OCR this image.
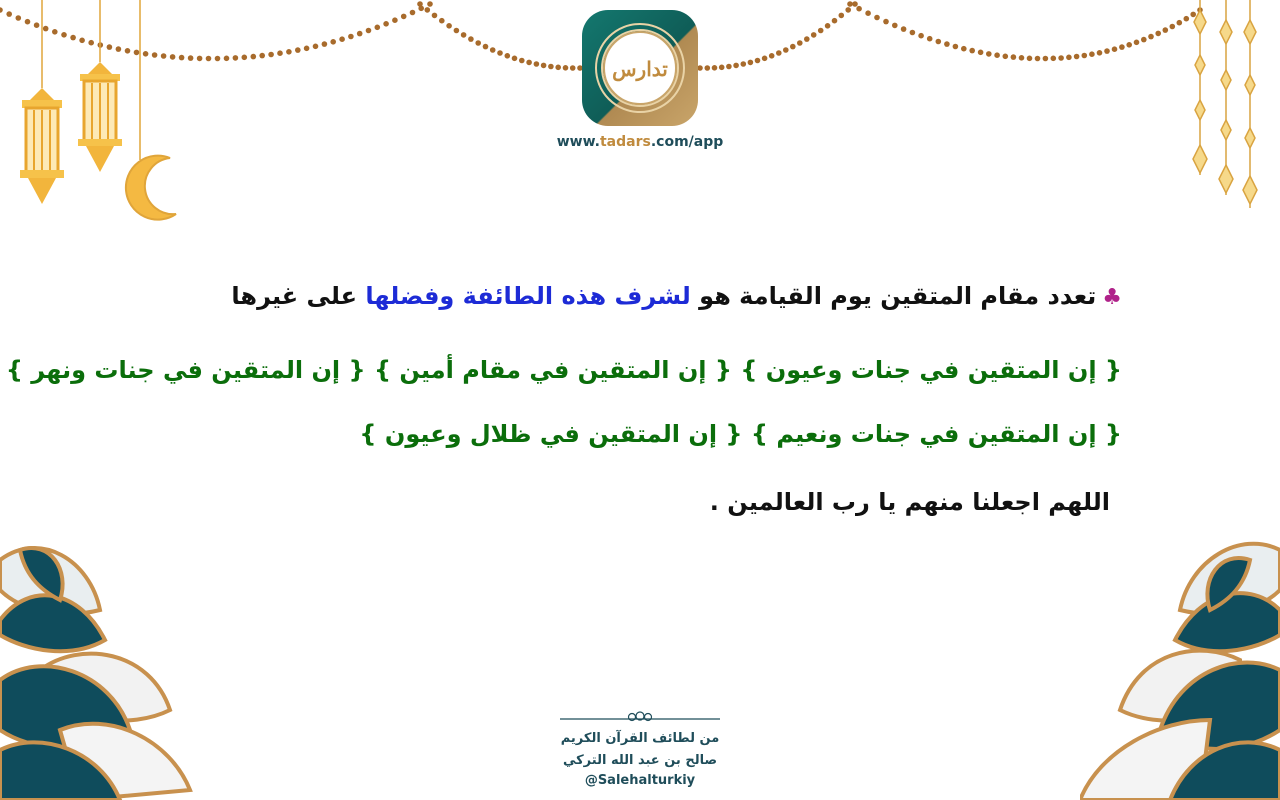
تدارس
www.tadars.com/app
♣تعدد مقام المتقين يوم القيامة هو لشرف هذه الطائفة وفضلها على غيرها
{ إن المتقين في جنات وعيون } { إن المتقين في مقام أمين } { إن المتقين في جنات ونهر }
{ إن المتقين في جنات ونعيم } { إن المتقين في ظلال وعيون }
اللهم اجعلنا منهم يا رب العالمين .
من لطائف القرآن الكريم
صالح بن عبد الله التركي
@Salehalturkiy
